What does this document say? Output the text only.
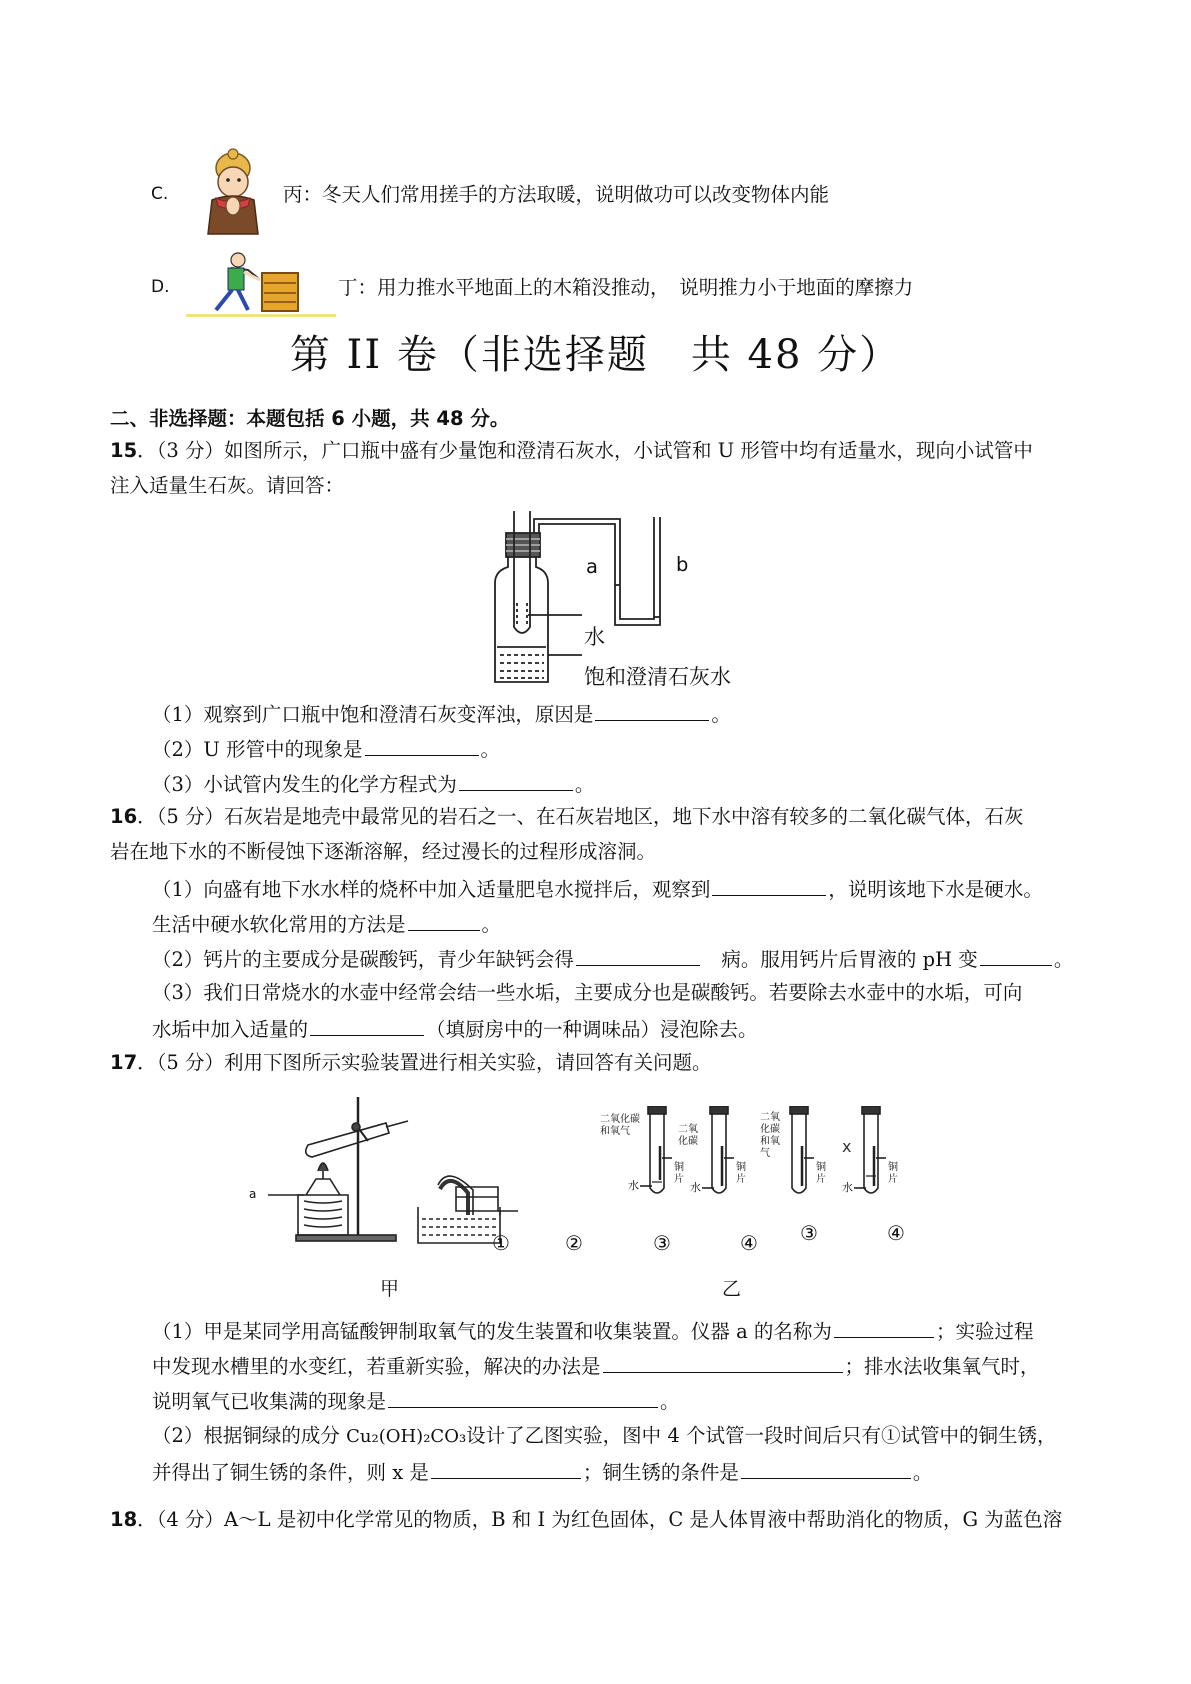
C.	丙：冬天人们常用搓手的方法取暖，说明做功可以改变物体内能
D.	丁：用力推水平地面上的木箱没推动，　说明推力小于地面的摩擦力
第 II 卷（非选择题　共 48 分）
二、非选择题：本题包括 6 小题，共 48 分。
15．（3 分）如图所示，广口瓶中盛有少量饱和澄清石灰水，小试管和 U 形管中均有适量水，现向小试管中
注入适量生石灰。请回答：
a	b
水
饱和澄清石灰水
（1）观察到广口瓶中饱和澄清石灰变浑浊，原因是	。
（2）U 形管中的现象是	。
（3）小试管内发生的化学方程式为	。
16．（5 分）石灰岩是地壳中最常见的岩石之一、在石灰岩地区，地下水中溶有较多的二氧化碳气体，石灰
岩在地下水的不断侵蚀下逐渐溶解，经过漫长的过程形成溶洞。
（1）向盛有地下水水样的烧杯中加入适量肥皂水搅拌后，观察到	，说明该地下水是硬水。
生活中硬水软化常用的方法是	。
（2）钙片的主要成分是碳酸钙，青少年缺钙会得	　病。服用钙片后胃液的 pH 变	。
（3）我们日常烧水的水壶中经常会结一些水垢，主要成分也是碳酸钙。若要除去水壶中的水垢，可向
水垢中加入适量的	（填厨房中的一种调味品）浸泡除去。
17．（5 分）利用下图所示实验装置进行相关实验，请回答有关问题。
a
①	②	③	④ ③	④
二氧化碳和氧气	二氧化碳
二氧化碳和氧气	x
铜片
铜片
铜片
铜片
水	水	水
甲	乙
（1）甲是某同学用高锰酸钾制取氧气的发生装置和收集装置。仪器 a 的名称为	；实验过程
中发现水槽里的水变红，若重新实验，解决的办法是	；排水法收集氧气时，
说明氧气已收集满的现象是	。
（2）根据铜绿的成分 Cu₂(OH)₂CO₃设计了乙图实验，图中 4 个试管一段时间后只有①试管中的铜生锈，
并得出了铜生锈的条件，则 x 是	；铜生锈的条件是	。
18．（4 分）A～L 是初中化学常见的物质，B 和 I 为红色固体，C 是人体胃液中帮助消化的物质，G 为蓝色溶
